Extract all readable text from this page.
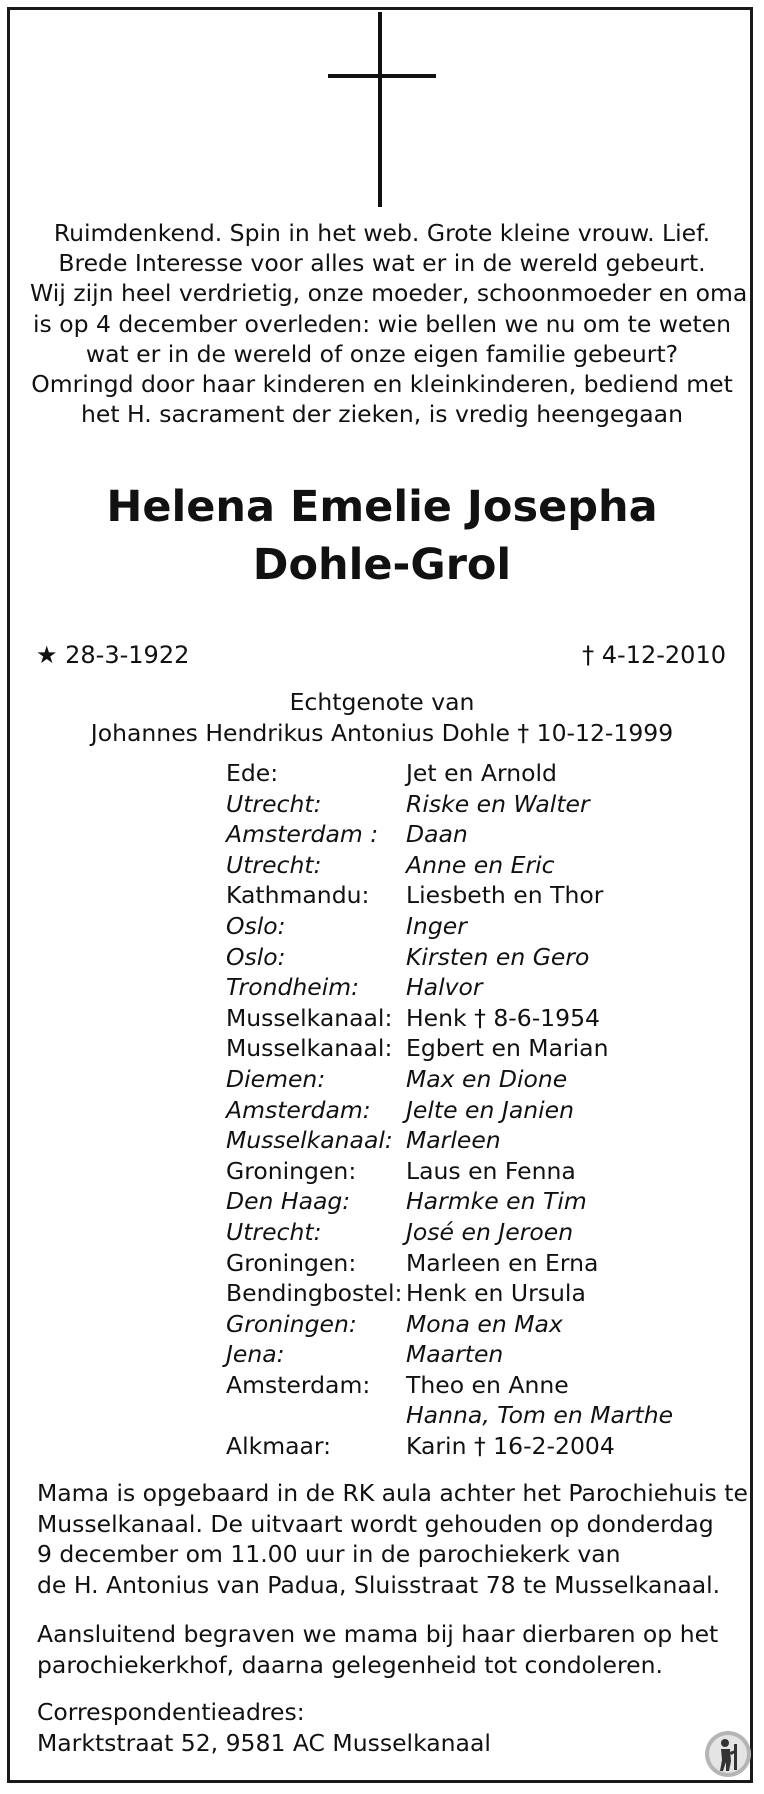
Ruimdenkend. Spin in het web. Grote kleine vrouw. Lief.
Brede Interesse voor alles wat er in de wereld gebeurt.
Wij zijn heel verdrietig, onze moeder, schoonmoeder en oma
is op 4 december overleden: wie bellen we nu om te weten
wat er in de wereld of onze eigen familie gebeurt?
Omringd door haar kinderen en kleinkinderen, bediend met
het H. sacrament der zieken, is vredig heengegaan
Helena Emelie Josepha
Dohle-Grol
★ 28-3-1922	† 4-12-2010
Echtgenote van
Johannes Hendrikus Antonius Dohle † 10-12-1999
Ede:	Jet en Arnold
Utrecht:	Riske en Walter
Amsterdam : Daan
Utrecht:	Anne en Eric
Kathmandu: Liesbeth en Thor
Oslo:	Inger
Oslo:	Kirsten en Gero
Trondheim: Halvor
Musselkanaal: Henk † 8-6-1954
Musselkanaal: Egbert en Marian
Diemen:	Max en Dione
Amsterdam: Jelte en Janien
Musselkanaal: Marleen
Groningen: Laus en Fenna
Den Haag: Harmke en Tim
Utrecht:	José en Jeroen
Groningen: Marleen en Erna
Bendingbostel: Henk en Ursula
Groningen: Mona en Max
Jena:	Maarten
Amsterdam: Theo en Anne
Hanna, Tom en Marthe
Alkmaar:	Karin † 16-2-2004
Mama is opgebaard in de RK aula achter het Parochiehuis te
Musselkanaal. De uitvaart wordt gehouden op donderdag
9 december om 11.00 uur in de parochiekerk van
de H. Antonius van Padua, Sluisstraat 78 te Musselkanaal.
Aansluitend begraven we mama bij haar dierbaren op het
parochiekerkhof, daarna gelegenheid tot condoleren.
Correspondentieadres:
Marktstraat 52, 9581 AC Musselkanaal
